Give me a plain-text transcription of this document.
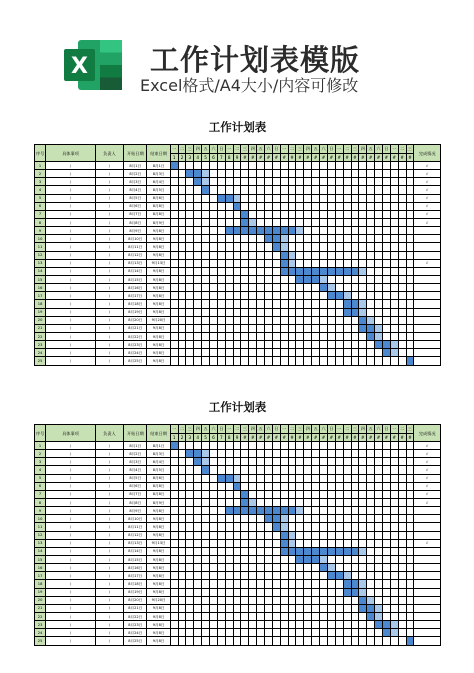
X 工作计划表模版
Excel格式/A4大小/内容可修改
工作计划表
序号	具体事项	负责人	开始日期	结束日期	一	二	三	四	五	六	日	一	二	三	四	五	六	日	一	二	三	四	五	六	日	一	二	三	四	五	六	日	一	二	三	完成情况
					1	2	3	4	5	6	7	8	9	#	#	#	#	#	#	#	#	#	#	#	#	#	#	#	#	#	#	#	#	#	#	
1	/	/	8月1日	8月1日																																√
2	/	/	8月2日	8月3日																																√
3	/	/	8月3日	8月4日																																√
4	/	/	8月4日	8月5日																																√
5	/	/	8月5日	8月6日																																√
6	/	/	8月6日	8月8日																																√
7	/	/	8月7日	8月8日																																√
8	/	/	8月8日	8月9日																																√
9	/	/	8月9日	9月8日																																
10	/	/	8月10日	9月8日																																
11	/	/	8月11日	9月8日																																
12	/	/	8月12日	9月8日																																
13	/	/	8月13日	9月13日																																√
14	/	/	8月14日	9月8日																																
15	/	/	8月15日	9月8日																																
16	/	/	8月16日	9月8日																																
17	/	/	8月17日	9月8日																																
18	/	/	8月18日	9月8日																																
19	/	/	8月19日	9月8日																																
20	/	/	8月20日	9月20日																																
21	/	/	8月21日	9月8日																																
22	/	/	8月22日	9月8日																																
23	/	/	8月23日	9月8日																																
24	/	/	8月24日	9月8日																																
25	/	/	8月25日	9月8日																																
工作计划表
序号	具体事项	负责人	开始日期	结束日期	一	二	三	四	五	六	日	一	二	三	四	五	六	日	一	二	三	四	五	六	日	一	二	三	四	五	六	日	一	二	三	完成情况
					1	2	3	4	5	6	7	8	9	#	#	#	#	#	#	#	#	#	#	#	#	#	#	#	#	#	#	#	#	#	#	
1	/	/	8月1日	8月1日																																√
2	/	/	8月2日	8月3日																																√
3	/	/	8月3日	8月4日																																√
4	/	/	8月4日	8月5日																																√
5	/	/	8月5日	8月6日																																√
6	/	/	8月6日	8月8日																																√
7	/	/	8月7日	8月8日																																√
8	/	/	8月8日	8月9日																																√
9	/	/	8月9日	9月8日																																
10	/	/	8月10日	9月8日																																
11	/	/	8月11日	9月8日																																
12	/	/	8月12日	9月8日																																
13	/	/	8月13日	9月13日																																√
14	/	/	8月14日	9月8日																																
15	/	/	8月15日	9月8日																																
16	/	/	8月16日	9月8日																																
17	/	/	8月17日	9月8日																																
18	/	/	8月18日	9月8日																																
19	/	/	8月19日	9月8日																																
20	/	/	8月20日	9月20日																																
21	/	/	8月21日	9月8日																																
22	/	/	8月22日	9月8日																																
23	/	/	8月23日	9月8日																																
24	/	/	8月24日	9月8日																																
25	/	/	8月25日	9月8日																																
